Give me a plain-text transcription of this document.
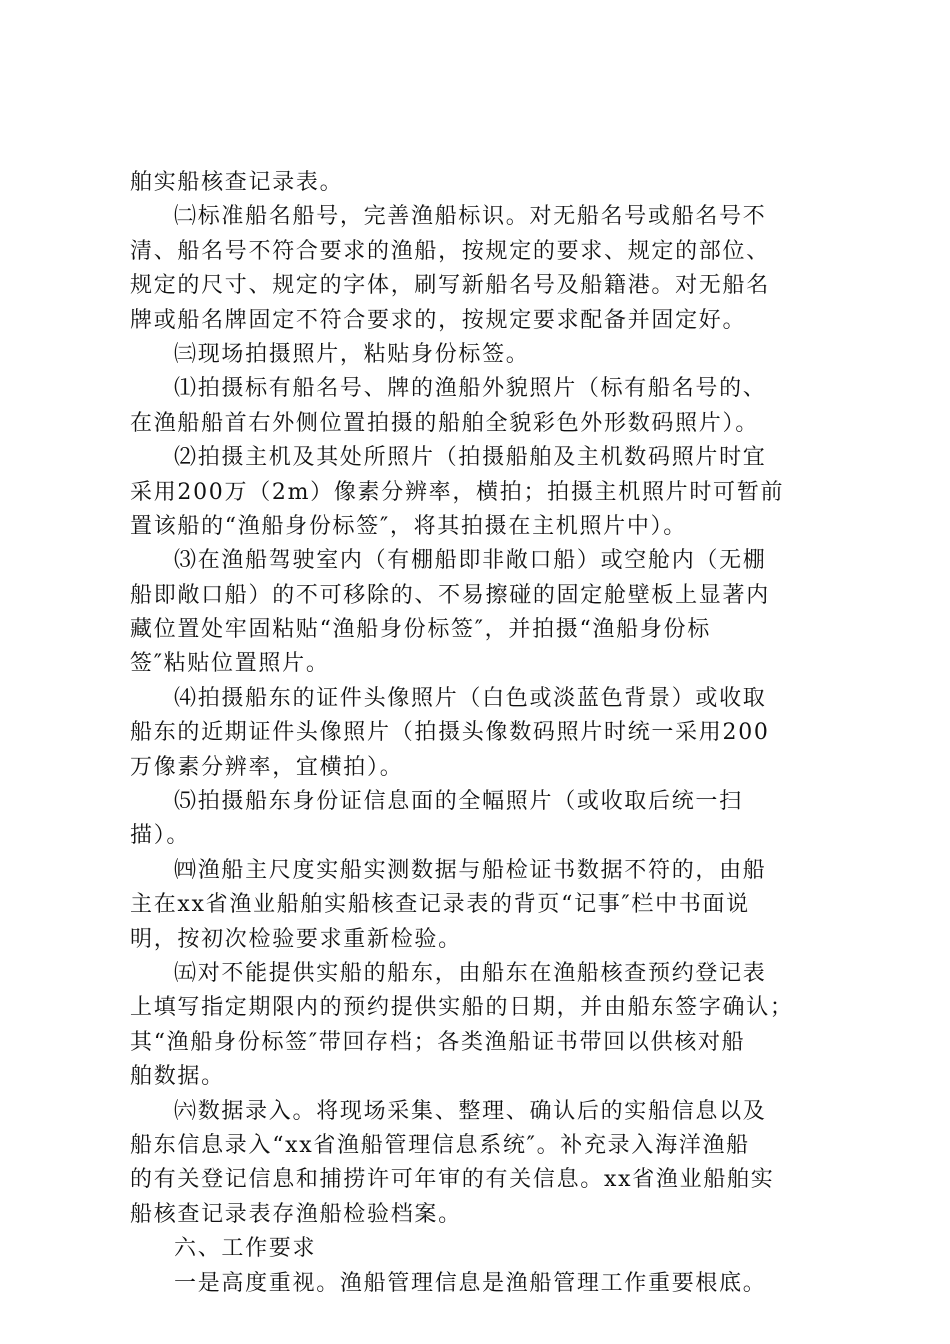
舶实船核查记录表。
㈡标准船名船号，完善渔船标识。对无船名号或船名号不
清、船名号不符合要求的渔船，按规定的要求、规定的部位、
规定的尺寸、规定的字体，刷写新船名号及船籍港。对无船名
牌或船名牌固定不符合要求的，按规定要求配备并固定好。
㈢现场拍摄照片，粘贴身份标签。
⑴拍摄标有船名号、牌的渔船外貌照片（标有船名号的、
在渔船船首右外侧位置拍摄的船舶全貌彩色外形数码照片）。
⑵拍摄主机及其处所照片（拍摄船舶及主机数码照片时宜
采用200万（2m）像素分辨率，横拍；拍摄主机照片时可暂前
置该船的“渔船身份标签″，将其拍摄在主机照片中）。
⑶在渔船驾驶室内（有棚船即非敞口船）或空舱内（无棚
船即敞口船）的不可移除的、不易擦碰的固定舱壁板上显著内
藏位置处牢固粘贴“渔船身份标签″，并拍摄“渔船身份标
签″粘贴位置照片。
⑷拍摄船东的证件头像照片（白色或淡蓝色背景）或收取
船东的近期证件头像照片（拍摄头像数码照片时统一采用200
万像素分辨率，宜横拍）。
⑸拍摄船东身份证信息面的全幅照片（或收取后统一扫
描）。
㈣渔船主尺度实船实测数据与船检证书数据不符的，由船
主在xx省渔业船舶实船核查记录表的背页“记事″栏中书面说
明，按初次检验要求重新检验。
㈤对不能提供实船的船东，由船东在渔船核查预约登记表
上填写指定期限内的预约提供实船的日期，并由船东签字确认；
其“渔船身份标签″带回存档；各类渔船证书带回以供核对船
舶数据。
㈥数据录入。将现场采集、整理、确认后的实船信息以及
船东信息录入“xx省渔船管理信息系统″。补充录入海洋渔船
的有关登记信息和捕捞许可年审的有关信息。xx省渔业船舶实
船核查记录表存渔船检验档案。
六、工作要求
一是高度重视。渔船管理信息是渔船管理工作重要根底。
